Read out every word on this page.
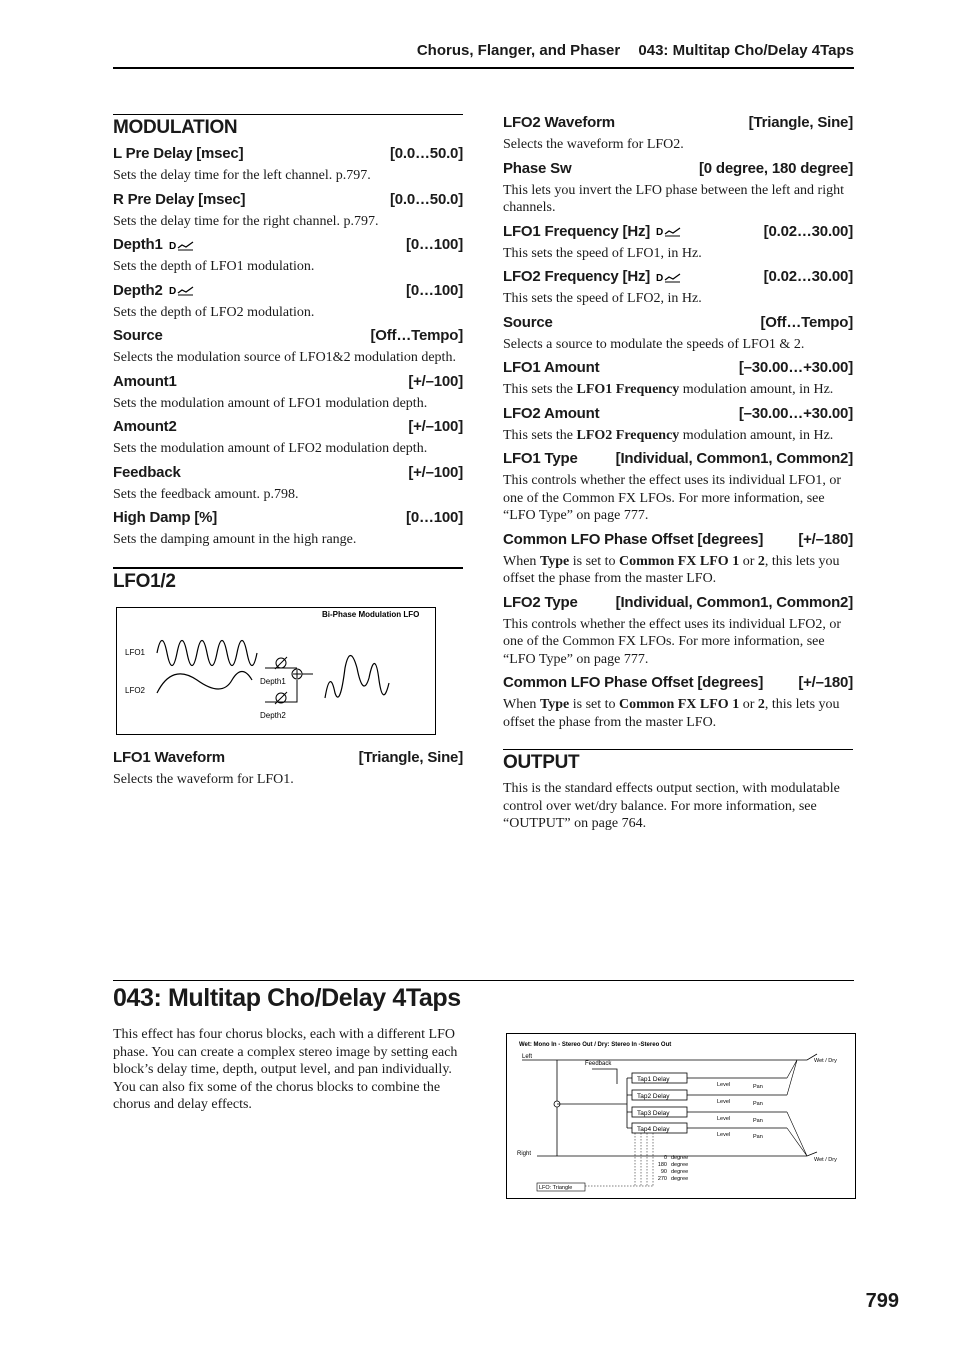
Chorus, Flanger, and Phaser 043: Multitap Cho/Delay 4Taps
MODULATION
L Pre Delay [msec]	[0.0…50.0]
Sets the delay time for the left channel. p.797.
R Pre Delay [msec]	[0.0…50.0]
Sets the delay time for the right channel. p.797.
Depth1 D	[0…100]
Sets the depth of LFO1 modulation.
Depth2 D	[0…100]
Sets the depth of LFO2 modulation.
Source	[Off…Tempo]
Selects the modulation source of LFO1&2 modulation depth.
Amount1	[+/–100]
Sets the modulation amount of LFO1 modulation depth.
Amount2	[+/–100]
Sets the modulation amount of LFO2 modulation depth.
Feedback	[+/–100]
Sets the feedback amount. p.798.
High Damp [%]	[0…100]
Sets the damping amount in the high range.
LFO1/2
Bi-Phase Modulation LFO
LFO1
LFO2
Depth1
Depth2
LFO1 Waveform	[Triangle, Sine]
Selects the waveform for LFO1.
LFO2 Waveform	[Triangle, Sine]
Selects the waveform for LFO2.
Phase Sw	[0 degree, 180 degree]
This lets you invert the LFO phase between the left and right channels.
LFO1 Frequency [Hz] D	[0.02…30.00]
This sets the speed of LFO1, in Hz.
LFO2 Frequency [Hz] D	[0.02…30.00]
This sets the speed of LFO2, in Hz.
Source	[Off…Tempo]
Selects a source to modulate the speeds of LFO1 & 2.
LFO1 Amount	[–30.00…+30.00]
This sets the LFO1 Frequency modulation amount, in Hz.
LFO2 Amount	[–30.00…+30.00]
This sets the LFO2 Frequency modulation amount, in Hz.
LFO1 Type	[Individual, Common1, Common2]
This controls whether the effect uses its individual LFO1, or one of the Common FX LFOs. For more information, see “LFO Type” on page 777.
Common LFO Phase Offset [degrees] [+/–180]
When Type is set to Common FX LFO 1 or 2, this lets you offset the phase from the master LFO.
LFO2 Type	[Individual, Common1, Common2]
This controls whether the effect uses its individual LFO2, or one of the Common FX LFOs. For more information, see “LFO Type” on page 777.
Common LFO Phase Offset [degrees] [+/–180]
When Type is set to Common FX LFO 1 or 2, this lets you offset the phase from the master LFO.
OUTPUT
This is the standard effects output section, with modulatable control over wet/dry balance. For more information, see “OUTPUT” on page 764.
043: Multitap Cho/Delay 4Taps
This effect has four chorus blocks, each with a different LFO phase. You can create a complex stereo image by setting each block’s delay time, depth, output level, and pan individually. You can also fix some of the chorus blocks to combine the chorus and delay effects.
Wet: Mono In - Stereo Out / Dry: Stereo In -Stereo Out
Left
Right
Feedback
Tap1 Delay
Tap2 Delay
Tap3 Delay
Tap4 Delay
Level
Level
Level
Level
Pan
Pan
Pan
Pan
Wet / Dry
Wet / Dry
0 degree
180 degree
90 degree
270 degree
LFO: Triangle
799
